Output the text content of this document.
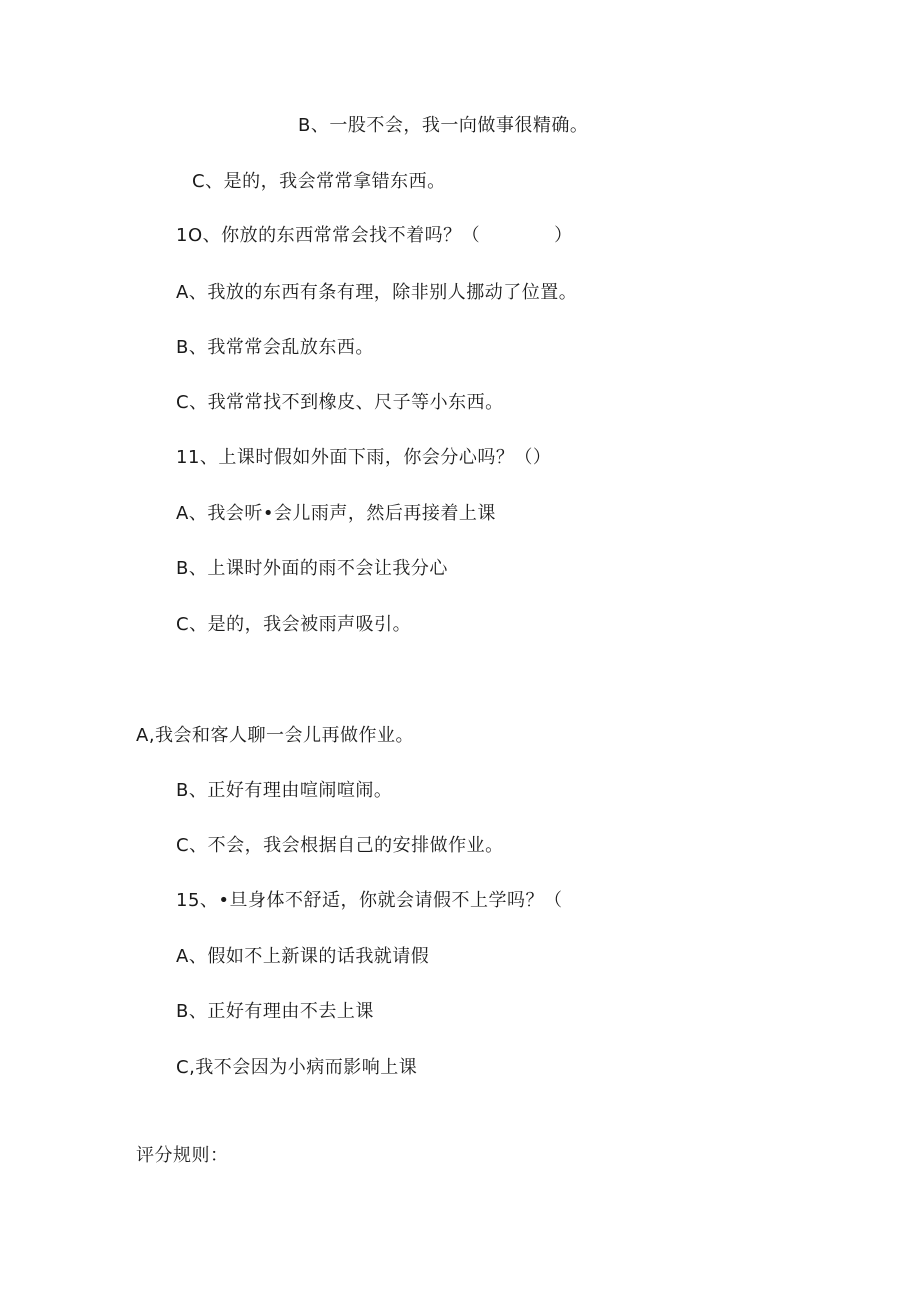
B、一股不会，我一向做事很精确。
C、是的，我会常常拿错东西。
1O、你放的东西常常会找不着吗？（　　　　）
A、我放的东西有条有理，除非别人挪动了位置。
B、我常常会乱放东西。
C、我常常找不到橡皮、尺子等小东西。
11、上课时假如外面下雨，你会分心吗？（）
A、我会听•会儿雨声，然后再接着上课
B、上课时外面的雨不会让我分心
C、是的，我会被雨声吸引。
A,我会和客人聊一会儿再做作业。
B、正好有理由喧闹喧闹。
C、不会，我会根据自己的安排做作业。
15、•旦身体不舒适，你就会请假不上学吗？（
A、假如不上新课的话我就请假
B、正好有理由不去上课
C,我不会因为小病而影响上课
评分规则：
